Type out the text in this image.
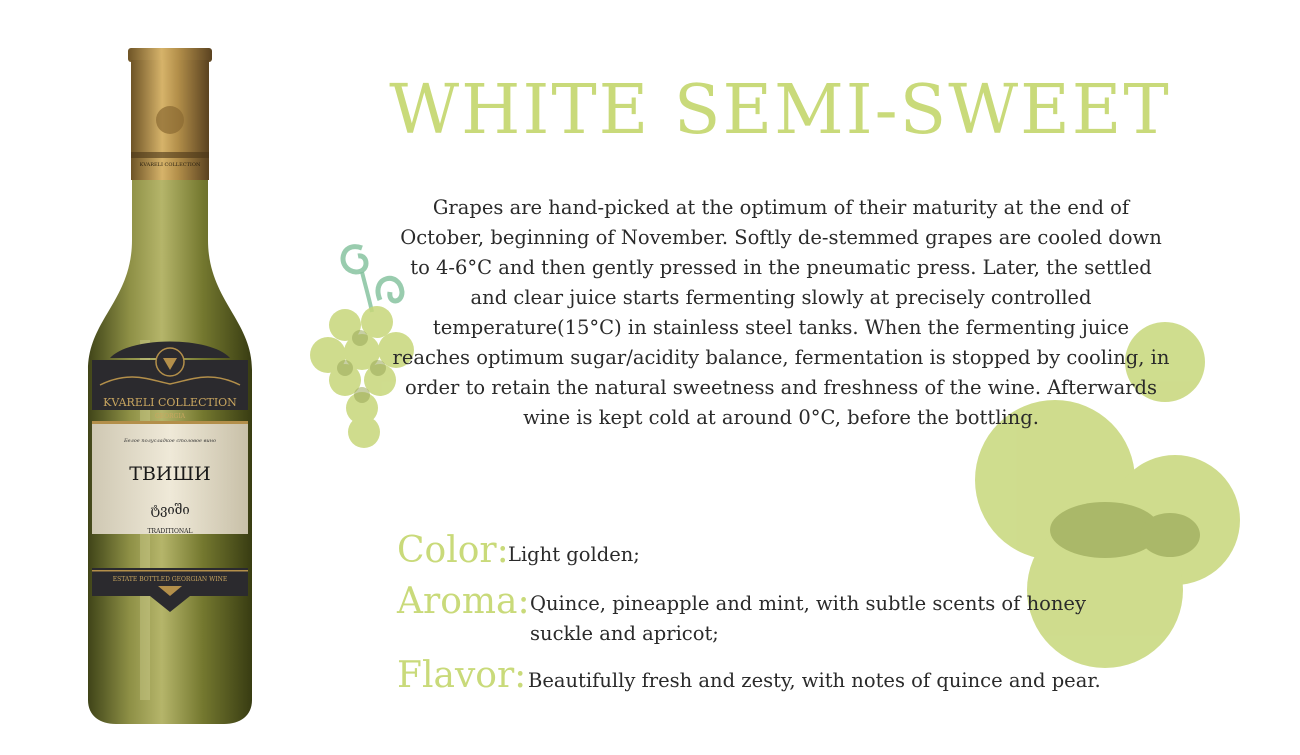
KVARELI COLLECTION
KVARELI COLLECTION
GEORGIA
Белое полусладкое столовое вино
ТВИШИ
ტვიში
TRADITIONAL
ESTATE BOTTLED GEORGIAN WINE
WHITE SEMI-SWEET
Grapes are hand-picked at the optimum of their maturity at the end of October, beginning of November. Softly de-stemmed grapes are cooled down to 4-6°C and then gently pressed in the pneumatic press. Later, the settled and clear juice starts fermenting slowly at precisely controlled temperature(15°C) in stainless steel tanks. When the fermenting juice reaches optimum sugar/acidity balance, fermentation is stopped by cooling, in order to retain the natural sweetness and freshness of the wine. Afterwards wine is kept cold at around 0°C, before the bottling.
Color: Light golden;
Aroma: Quince, pineapple and mint, with subtle scents of honey suckle and apricot;
Flavor: Beautifully fresh and zesty, with notes of quince and pear.
